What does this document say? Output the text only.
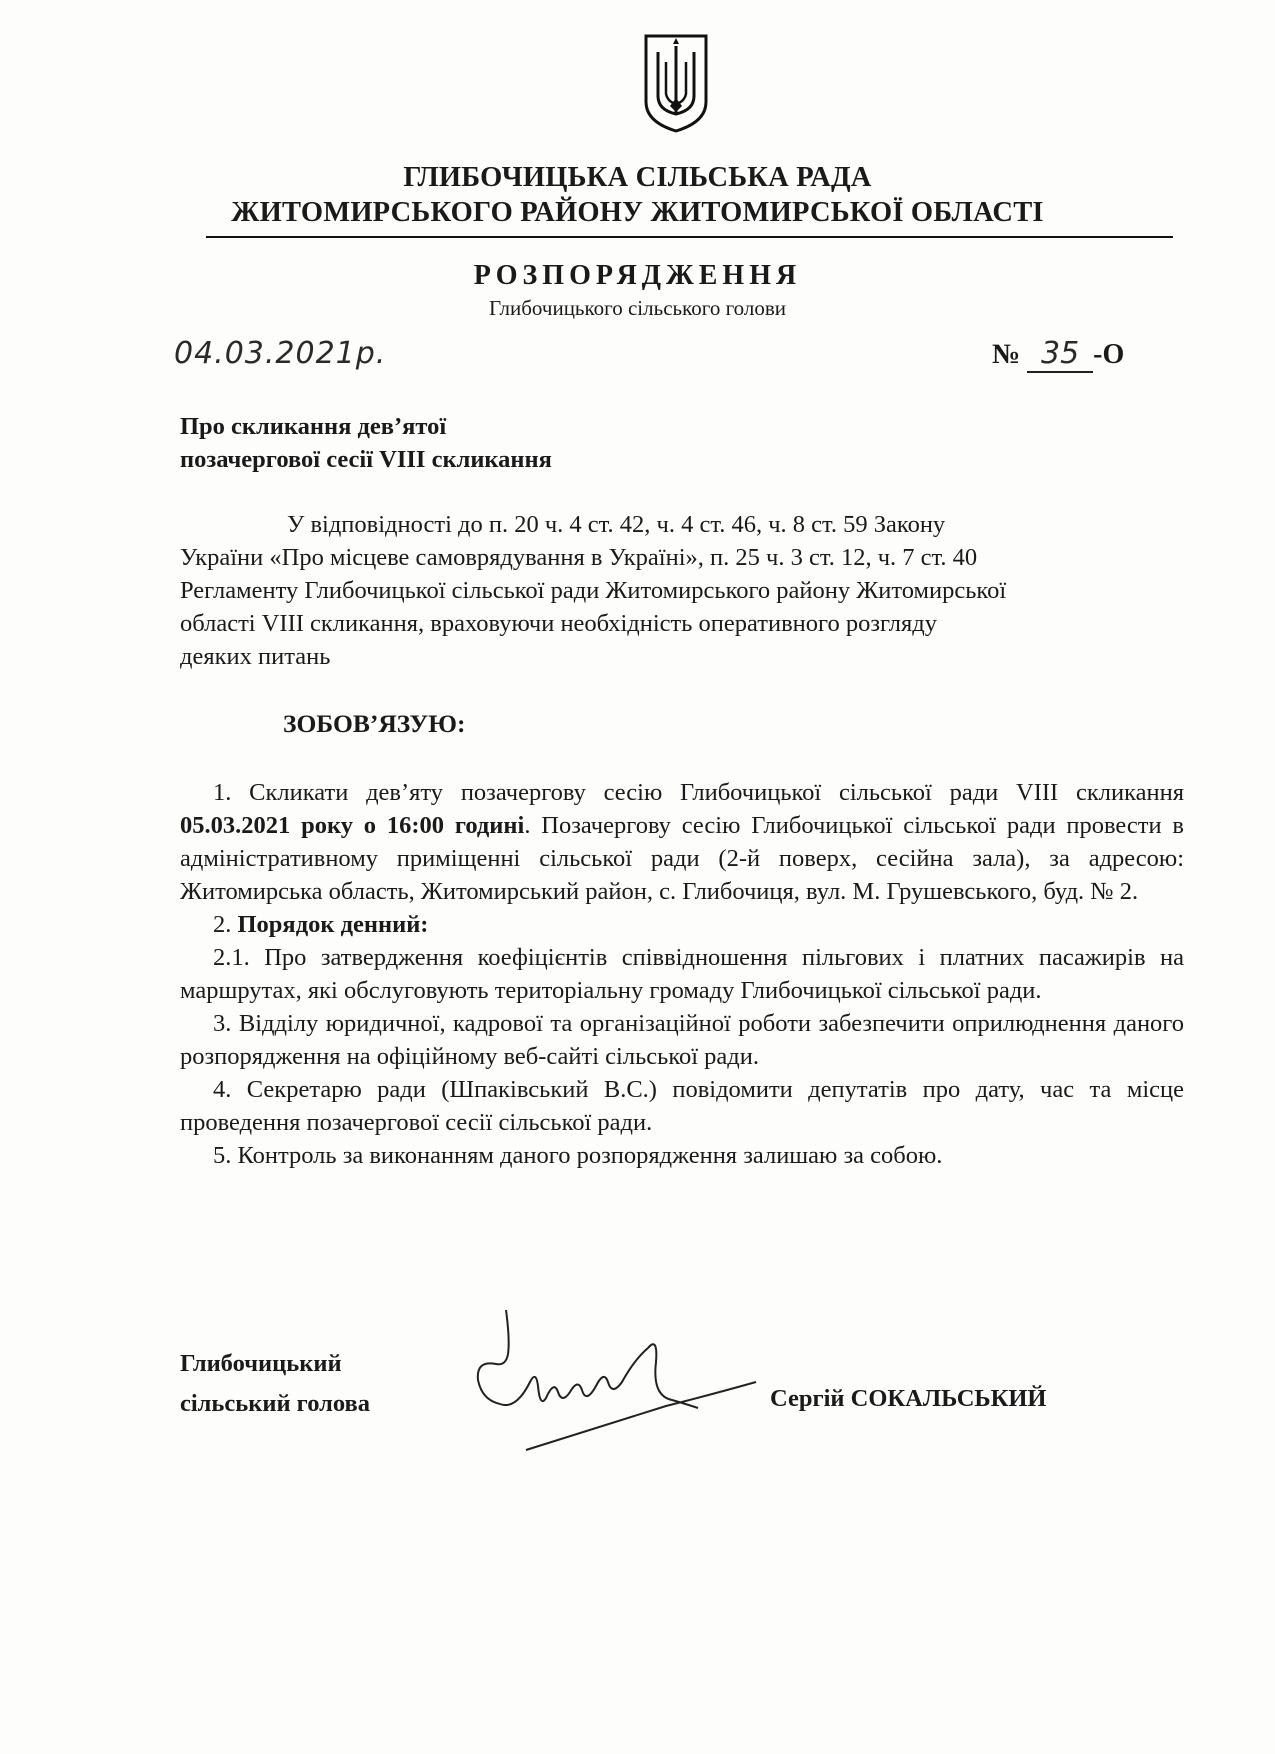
ГЛИБОЧИЦЬКА СІЛЬСЬКА РАДА
ЖИТОМИРСЬКОГО РАЙОНУ ЖИТОМИРСЬКОЇ ОБЛАСТІ
РОЗПОРЯДЖЕННЯ
Глибочицького сільського голови
04.03.2021р.	№ 35 -О
Про скликання дев’ятої
позачергової сесії VIII скликання
У відповідності до п. 20 ч. 4 ст. 42, ч. 4 ст. 46, ч. 8 ст. 59 Закону
України «Про місцеве самоврядування в Україні», п. 25 ч. 3 ст. 12, ч. 7 ст. 40
Регламенту Глибочицької сільської ради Житомирського району Житомирської
області VIII скликання, враховуючи необхідність оперативного розгляду
деяких питань
ЗОБОВ’ЯЗУЮ:

1. Скликати дев’яту позачергову сесію Глибочицької сільської ради VIII скликання 05.03.2021 року о 16:00 годині. Позачергову сесію Глибочицької сільської ради провести в адміністративному приміщенні сільської ради (2-й поверх, сесійна зала), за адресою: Житомирська область, Житомирський район, с. Глибочиця, вул. М. Грушевського, буд. № 2.

2. Порядок денний:

2.1. Про затвердження коефіцієнтів співвідношення пільгових і платних пасажирів на маршрутах, які обслуговують територіальну громаду Глибочицької сільської ради.

3. Відділу юридичної, кадрової та організаційної роботи забезпечити оприлюднення даного розпорядження на офіційному веб-сайті сільської ради.

4. Секретарю ради (Шпаківський В.С.) повідомити депутатів про дату, час та місце проведення позачергової сесії сільської ради.

5. Контроль за виконанням даного розпорядження залишаю за собою.

Глибочицький
сільський голова	Сергій СОКАЛЬСЬКИЙ
